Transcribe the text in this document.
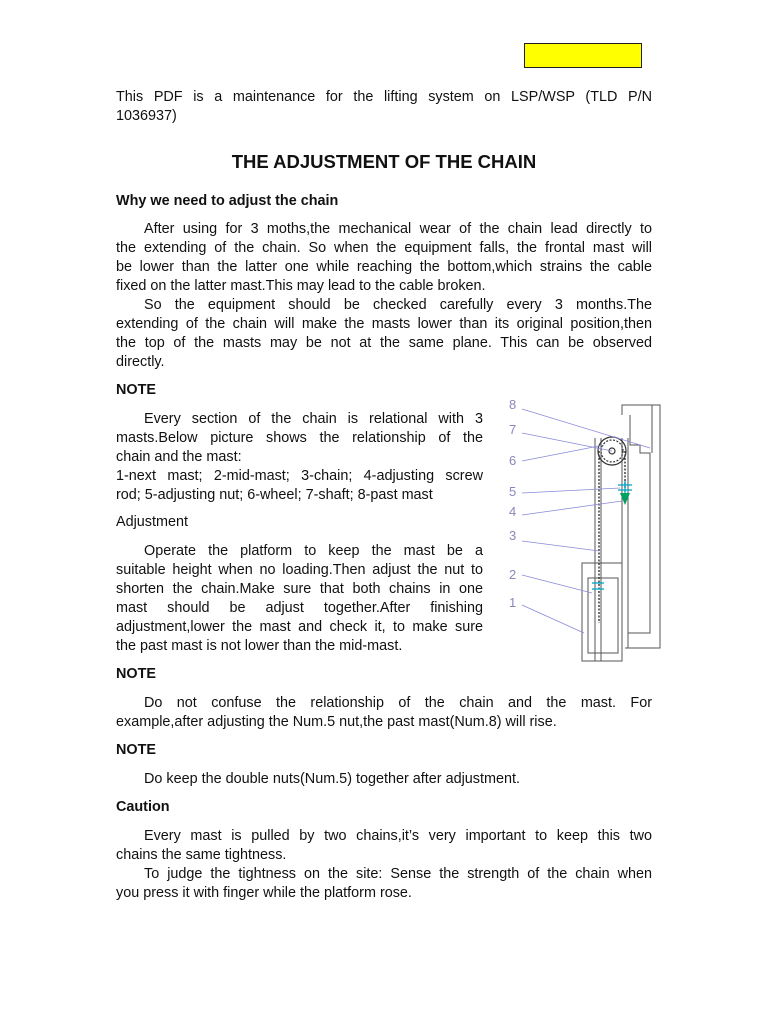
This PDF is a maintenance for the lifting system on LSP/WSP (TLD P/N
1036937)
THE ADJUSTMENT OF THE CHAIN
Why we need to adjust the chain
After using for 3 moths,the mechanical wear of the chain lead directly to
the extending of the chain. So when the equipment falls, the frontal mast will
be lower than the latter one while reaching the bottom,which strains the cable
fixed on the latter mast.This may lead to the cable broken.
So the equipment should be checked carefully every 3 months.The
extending of the chain will make the masts lower than its original position,then
the top of the masts may be not at the same plane. This can be observed
directly.
NOTE
Every section of the chain is relational with 3
masts.Below picture shows the relationship of the
chain and the mast:
1-next mast; 2-mid-mast; 3-chain; 4-adjusting screw
rod; 5-adjusting nut; 6-wheel; 7-shaft; 8-past mast
Adjustment
Operate the platform to keep the mast be a
suitable height when no loading.Then adjust the nut to
shorten the chain.Make sure that both chains in one
mast should be adjust together.After finishing
adjustment,lower the mast and check it, to make sure
the past mast is not lower than the mid-mast.
8
7
6
5
4
3
2
1
NOTE
Do not confuse the relationship of the chain and the mast. For
example,after adjusting the Num.5 nut,the past mast(Num.8) will rise.
NOTE
Do keep the double nuts(Num.5) together after adjustment.
Caution
Every mast is pulled by two chains,it’s very important to keep this two
chains the same tightness.
To judge the tightness on the site: Sense the strength of the chain when
you press it with finger while the platform rose.
